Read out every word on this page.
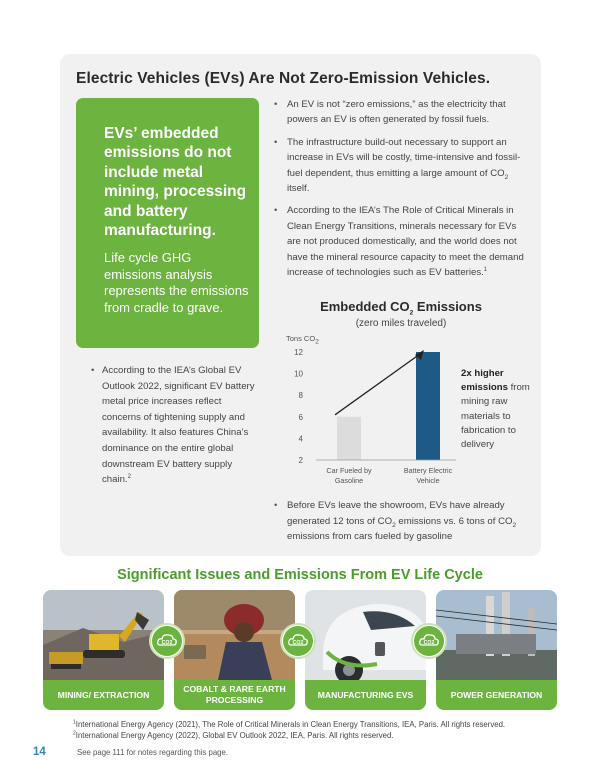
Electric Vehicles (EVs) Are Not Zero-Emission Vehicles.
EVs’ embedded emissions do not include metal mining, processing and battery manufacturing.
Life cycle GHG emissions analysis represents the emissions from cradle to grave.
• An EV is not “zero emissions,” as the electricity that powers an EV is often generated by fossil fuels.
• The infrastructure build-out necessary to support an increase in EVs will be costly, time-intensive and fossil-fuel dependent, thus emitting a large amount of $CO_2$ itself.
• According to the IEA’s The Role of Critical Minerals in Clean Energy Transitions, minerals necessary for EVs are not produced domestically, and the world does not have the mineral resource capacity to meet the demand increase of technologies such as EV batteries.$^1$
• According to the IEA’s Global EV Outlook 2022, significant EV battery metal price increases reflect concerns of tightening supply and availability. It also features China’s dominance on the entire global downstream EV battery supply chain.$^2$
Embedded $CO_2$ Emissions
(zero miles traveled)
Tons $CO_2$
12
10
8
6
4
2
Car Fueled by
Gasoline
Battery Electric
Vehicle
2x higher emissions from mining raw materials to fabrication to delivery
• Before EVs leave the showroom, EVs have already generated 12 tons of $CO_2$ emissions vs. 6 tons of $CO_2$ emissions from cars fueled by gasoline
Significant Issues and Emissions From EV Life Cycle
MINING/ EXTRACTION
COBALT & RARE EARTH PROCESSING
MANUFACTURING EVS	POWER GENERATION
CO2	CO2	CO2
$^1$International Energy Agency (2021), The Role of Critical Minerals in Clean Energy Transitions, IEA, Paris. All rights reserved.
$^2$International Energy Agency (2022), Global EV Outlook 2022, IEA, Paris. All rights reserved.
14	See page 111 for notes regarding this page.
